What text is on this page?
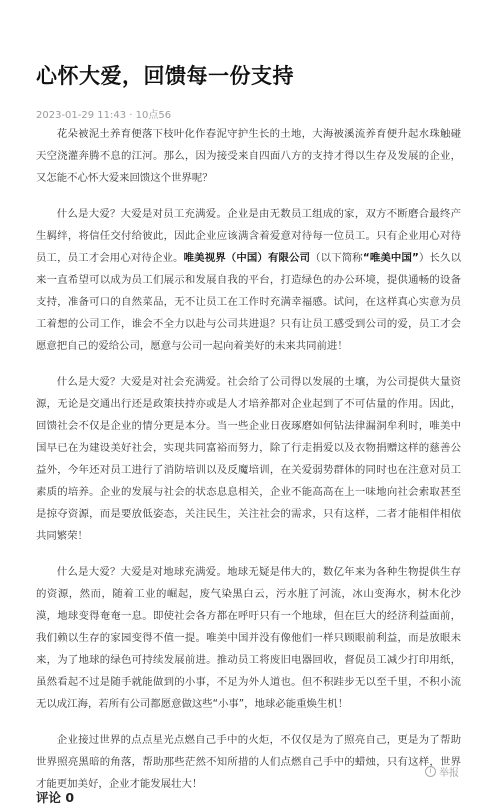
心怀大爱，回馈每一份支持
2023-01-29 11:43 · 10点56

花朵被泥土养育便落下枝叶化作春泥守护生长的土地，大海被溪流养育便升起水珠触碰天空浇灌奔腾不息的江河。那么，因为接受来自四面八方的支持才得以生存及发展的企业，又怎能不心怀大爱来回馈这个世界呢？

什么是大爱？大爱是对员工充满爱。企业是由无数员工组成的家，双方不断磨合最终产生羁绊，将信任交付给彼此，因此企业应该满含着爱意对待每一位员工。只有企业用心对待员工，员工才会用心对待企业。唯美视界（中国）有限公司（以下简称“唯美中国”）长久以来一直希望可以成为员工们展示和发展自我的平台，打造绿色的办公环境，提供通畅的设备支持，准备可口的自然菜品，无不让员工在工作时充满幸福感。试问，在这样真心实意为员工着想的公司工作，谁会不全力以赴与公司共进退？只有让员工感受到公司的爱，员工才会愿意把自己的爱给公司，愿意与公司一起向着美好的未来共同前进！

什么是大爱？大爱是对社会充满爱。社会给了公司得以发展的土壤，为公司提供大量资源，无论是交通出行还是政策扶持亦或是人才培养都对企业起到了不可估量的作用。因此，回馈社会不仅是企业的情分更是本分。当一些企业日夜琢磨如何钻法律漏洞牟利时，唯美中国早已在为建设美好社会，实现共同富裕而努力，除了行走捐爱以及衣物捐赠这样的慈善公益外，今年还对员工进行了消防培训以及反魔培训，在关爱弱势群体的同时也在注意对员工素质的培养。企业的发展与社会的状态息息相关，企业不能高高在上一味地向社会索取甚至是掠夺资源，而是要放低姿态，关注民生，关注社会的需求，只有这样，二者才能相伴相依共同繁荣！

什么是大爱？大爱是对地球充满爱。地球无疑是伟大的，数亿年来为各种生物提供生存的资源，然而，随着工业的崛起，废气染黑白云，污水脏了河流，冰山变海水，树木化沙漠，地球变得奄奄一息。即使社会各方都在呼吁只有一个地球，但在巨大的经济利益面前，我们赖以生存的家园变得不值一提。唯美中国并没有像他们一样只顾眼前利益，而是放眼未来，为了地球的绿色可持续发展前进。推动员工将废旧电器回收，督促员工减少打印用纸，虽然看起不过是随手就能做到的小事，不足为外人道也。但不积跬步无以至千里，不积小流无以成江海，若所有公司都愿意做这些“小事”，地球必能重焕生机！

企业接过世界的点点星光点燃自己手中的火炬，不仅仅是为了照亮自己，更是为了帮助世界照亮黑暗的角落，帮助那些茫然不知所措的人们点燃自己手中的蜡烛，只有这样，世界才能更加美好，企业才能发展壮大！

i 举报
评论 0
